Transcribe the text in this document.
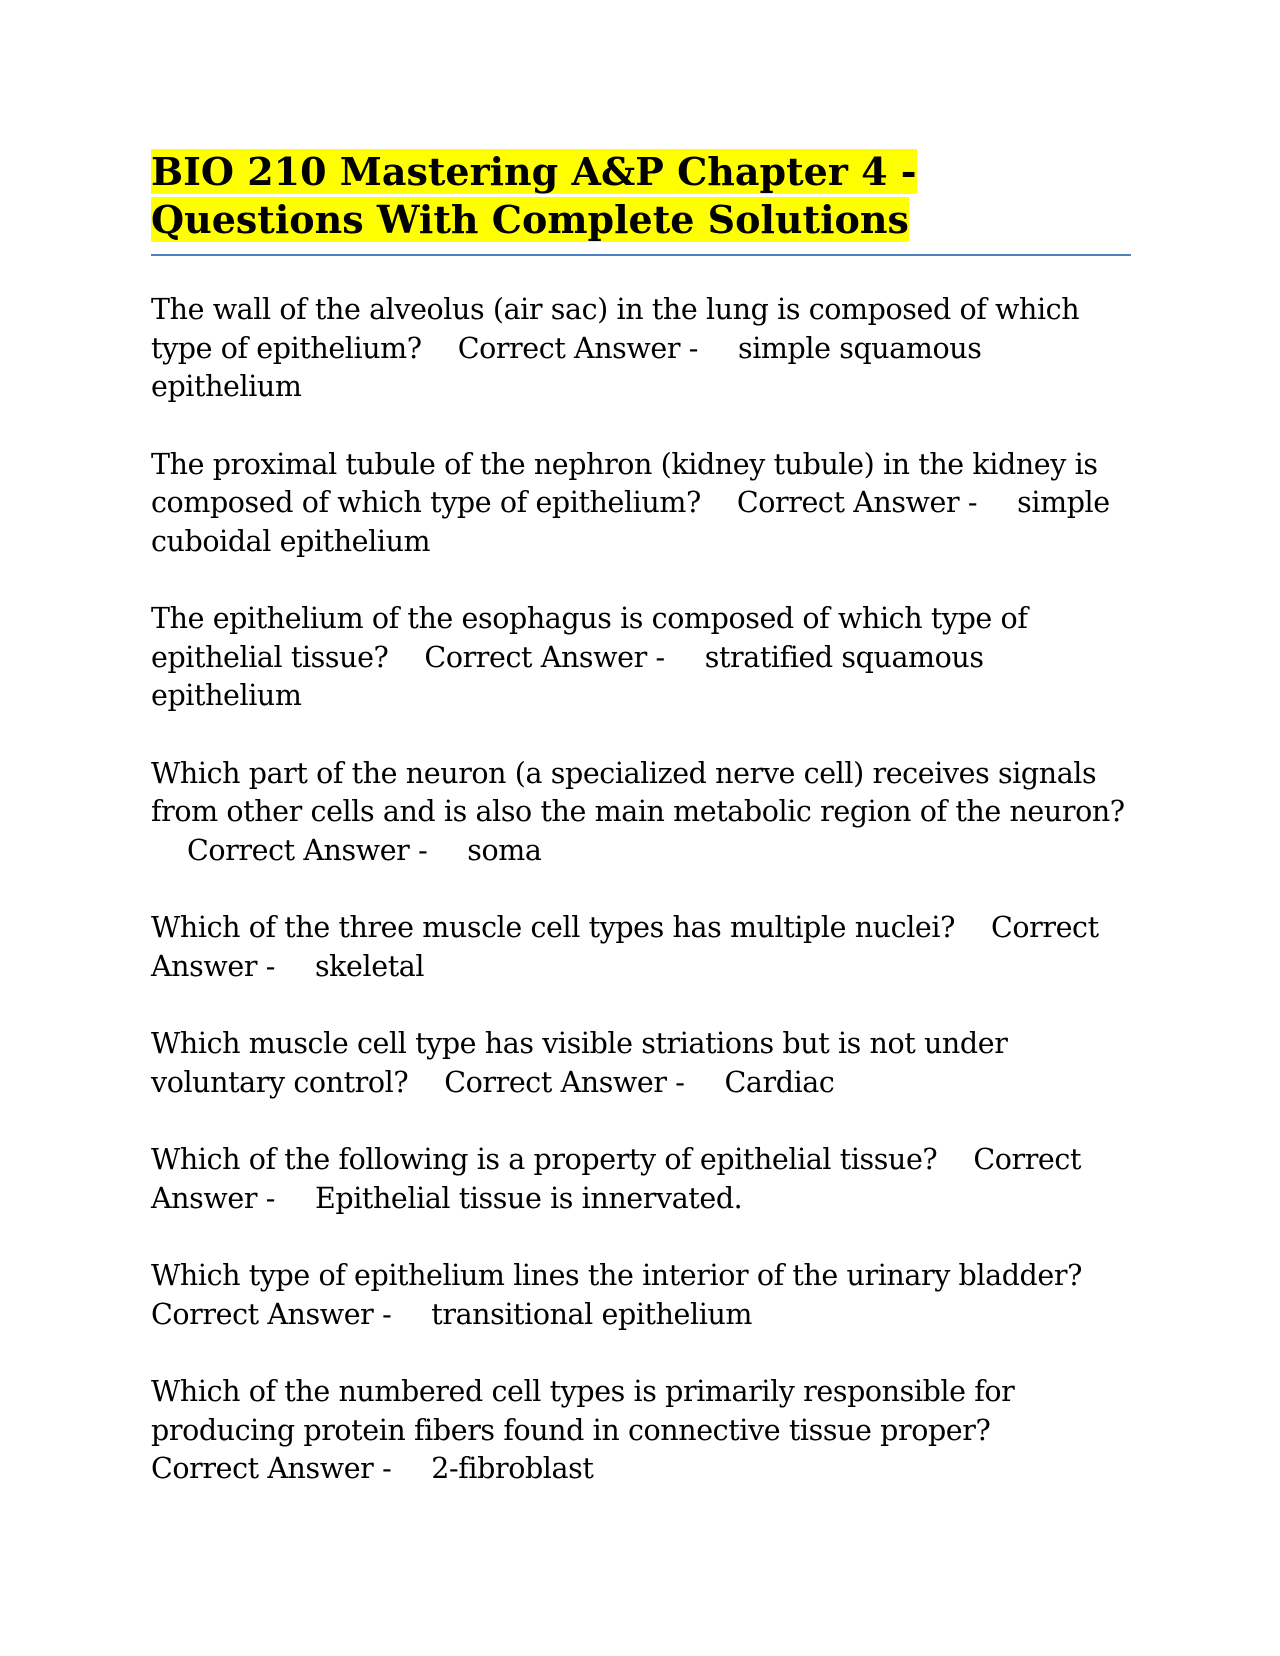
BIO 210 Mastering A&P Chapter 4 - Questions With Complete Solutions

The wall of the alveolus (air sac) in the lung is composed of which type of epithelium? Correct Answer - simple squamous epithelium

The proximal tubule of the nephron (kidney tubule) in the kidney is composed of which type of epithelium? Correct Answer - simple cuboidal epithelium

The epithelium of the esophagus is composed of which type of epithelial tissue? Correct Answer - stratified squamous epithelium

Which part of the neuron (a specialized nerve cell) receives signals from other cells and is also the main metabolic region of the neuron?Correct Answer - soma

Which of the three muscle cell types has multiple nuclei? Correct Answer - skeletal

Which muscle cell type has visible striations but is not under voluntary control? Correct Answer - Cardiac

Which of the following is a property of epithelial tissue? Correct Answer - Epithelial tissue is innervated.

Which type of epithelium lines the interior of the urinary bladder?Correct Answer - transitional epithelium

Which of the numbered cell types is primarily responsible for producing protein fibers found in connective tissue proper?Correct Answer - 2-fibroblast
